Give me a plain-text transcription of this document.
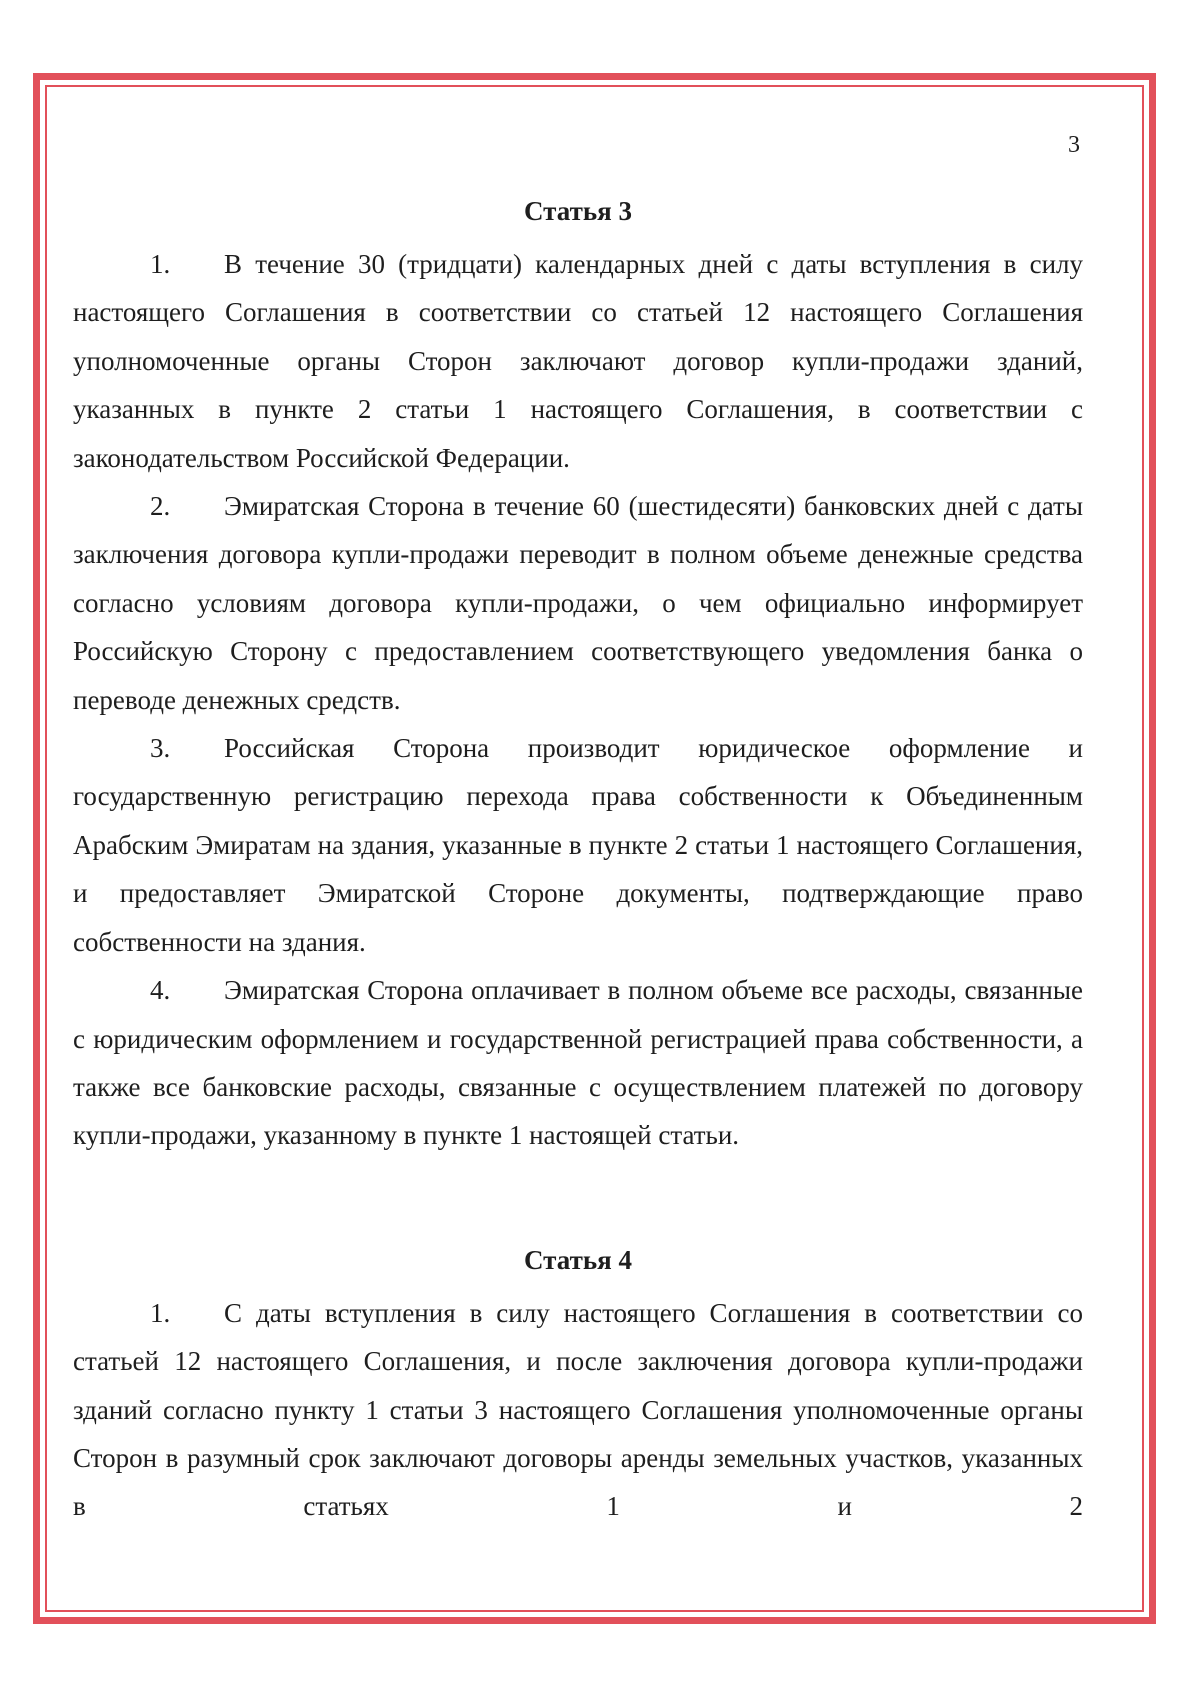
3
Статья 3

1. В течение 30 (тридцати) календарных дней с даты вступления в силу настоящего Соглашения в соответствии со статьей 12 настоящего Соглашения уполномоченные органы Сторон заключают договор купли-продажи зданий, указанных в пункте 2 статьи 1 настоящего Соглашения, в соответствии с законодательством Российской Федерации.

2. Эмиратская Сторона в течение 60 (шестидесяти) банковских дней с даты заключения договора купли-продажи переводит в полном объеме денежные средства согласно условиям договора купли-продажи, о чем официально информирует Российскую Сторону с предоставлением соответствующего уведомления банка о переводе денежных средств.

3. Российская Сторона производит юридическое оформление и государственную регистрацию перехода права собственности к Объединенным Арабским Эмиратам на здания, указанные в пункте 2 статьи 1 настоящего Соглашения, и предоставляет Эмиратской Стороне документы, подтверждающие право собственности на здания.

4. Эмиратская Сторона оплачивает в полном объеме все расходы, связанные с юридическим оформлением и государственной регистрацией права собственности, а также все банковские расходы, связанные с осуществлением платежей по договору купли-продажи, указанному в пункте 1 настоящей статьи.

Статья 4

1. С даты вступления в силу настоящего Соглашения в соответствии со статьей 12 настоящего Соглашения, и после заключения договора купли-продажи зданий согласно пункту 1 статьи 3 настоящего Соглашения уполномоченные органы Сторон в разумный срок заключают договоры аренды земельных участков, указанных в статьях 1 и 2
